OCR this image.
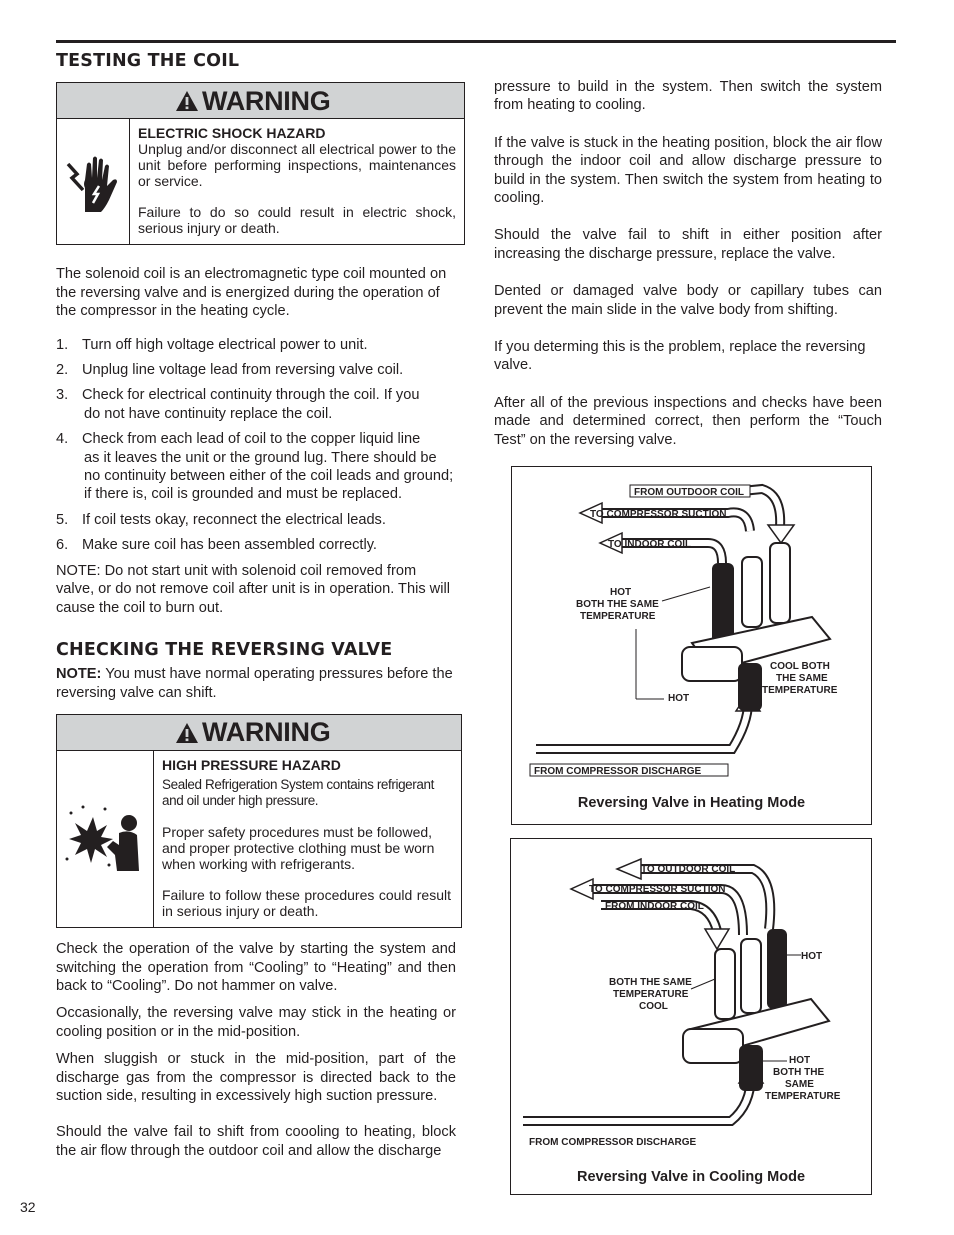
TESTING THE COIL
WARNING
ELECTRIC SHOCK HAZARD

Unplug and/or disconnect all electrical power to the unit before performing inspections, maintenances or service.

Failure to do so could result in electric shock, serious injury or death.

The solenoid coil is an electromagnetic type coil mounted on the reversing valve and is energized during the operation of the compressor in the heating cycle.

1. Turn off high voltage electrical power to unit.
2. Unplug line voltage lead from reversing valve coil.
3. Check for electrical continuity through the coil. If you
do not have continuity replace the coil.
4. Check from each lead of coil to the copper liquid line
as it leaves the unit or the ground lug. There should be no continuity between either of the coil leads and ground; if there is, coil is grounded and must be replaced.
5. If coil tests okay, reconnect the electrical leads.
6. Make sure coil has been assembled correctly.

NOTE: Do not start unit with solenoid coil removed from valve, or do not remove coil after unit is in operation. This will cause the coil to burn out.

CHECKING THE REVERSING VALVE

NOTE: You must have normal operating pressures before the reversing valve can shift.

WARNING
HIGH PRESSURE HAZARD

Sealed Refrigeration System contains refrigerant and oil under high pressure.

Proper safety procedures must be followed, and proper protective clothing must be worn when working with refrigerants.

Failure to follow these procedures could result in serious injury or death.

Check the operation of the valve by starting the system and switching the operation from “Cooling” to “Heating” and then back to “Cooling”. Do not hammer on valve.

Occasionally, the reversing valve may stick in the heating or cooling position or in the mid-position.

When sluggish or stuck in the mid-position, part of the discharge gas from the compressor is directed back to the suction side, resulting in excessively high suction pressure.

Should the valve fail to shift from coooling to heating, block the air flow through the outdoor coil and allow the discharge

pressure to build in the system. Then switch the system from heating to cooling.

If the valve is stuck in the heating position, block the air flow through the indoor coil and allow discharge pressure to build in the system. Then switch the system from heating to cooling.

Should the valve fail to shift in either position after increasing the discharge pressure, replace the valve.

Dented or damaged valve body or capillary tubes can prevent the main slide in the valve body from shifting.

If you determing this is the problem, replace the reversing valve.

After all of the previous inspections and checks have been made and determined correct, then perform the “Touch Test” on the reversing valve.

FROM OUTDOOR COIL
TO COMPRESSOR SUCTION
TO INDOOR COIL
HOT
BOTH THE SAME
TEMPERATURE
COOL BOTH
THE SAME
TEMPERATURE
HOT
FROM COMPRESSOR DISCHARGE
Reversing Valve in Heating Mode
TO OUTDOOR COIL
TO COMPRESSOR SUCTION
FROM INDOOR COIL
HOT
BOTH THE SAME
TEMPERATURE
COOL
HOT
BOTH THE
SAME
TEMPERATURE
FROM COMPRESSOR DISCHARGE
Reversing Valve in Cooling Mode
32
